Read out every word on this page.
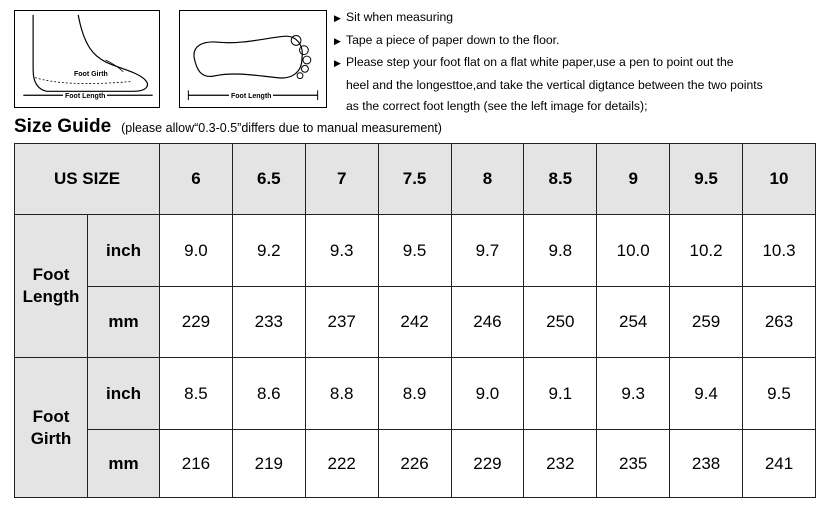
Foot Girth
Foot Length	Foot Length
▶ Sit when measuring
▶ Tape a piece of paper down to the floor.
▶ Please step your foot flat on a flat white paper,use a pen to point out the
heel and the longesttoe,and take the vertical digtance between the two points
as the correct foot length (see the left image for details);
Size Guide (please allow“0.3-0.5”differs due to manual measurement)
US SIZE		6	6.5	7	7.5	8	8.5	9	9.5	10
Foot
Length	inch	9.0	9.2	9.3	9.5	9.7	9.8	10.0	10.2	10.3
	mm	229	233	237	242	246	250	254	259	263
Foot
Girth	inch	8.5	8.6	8.8	8.9	9.0	9.1	9.3	9.4	9.5
	mm	216	219	222	226	229	232	235	238	241
